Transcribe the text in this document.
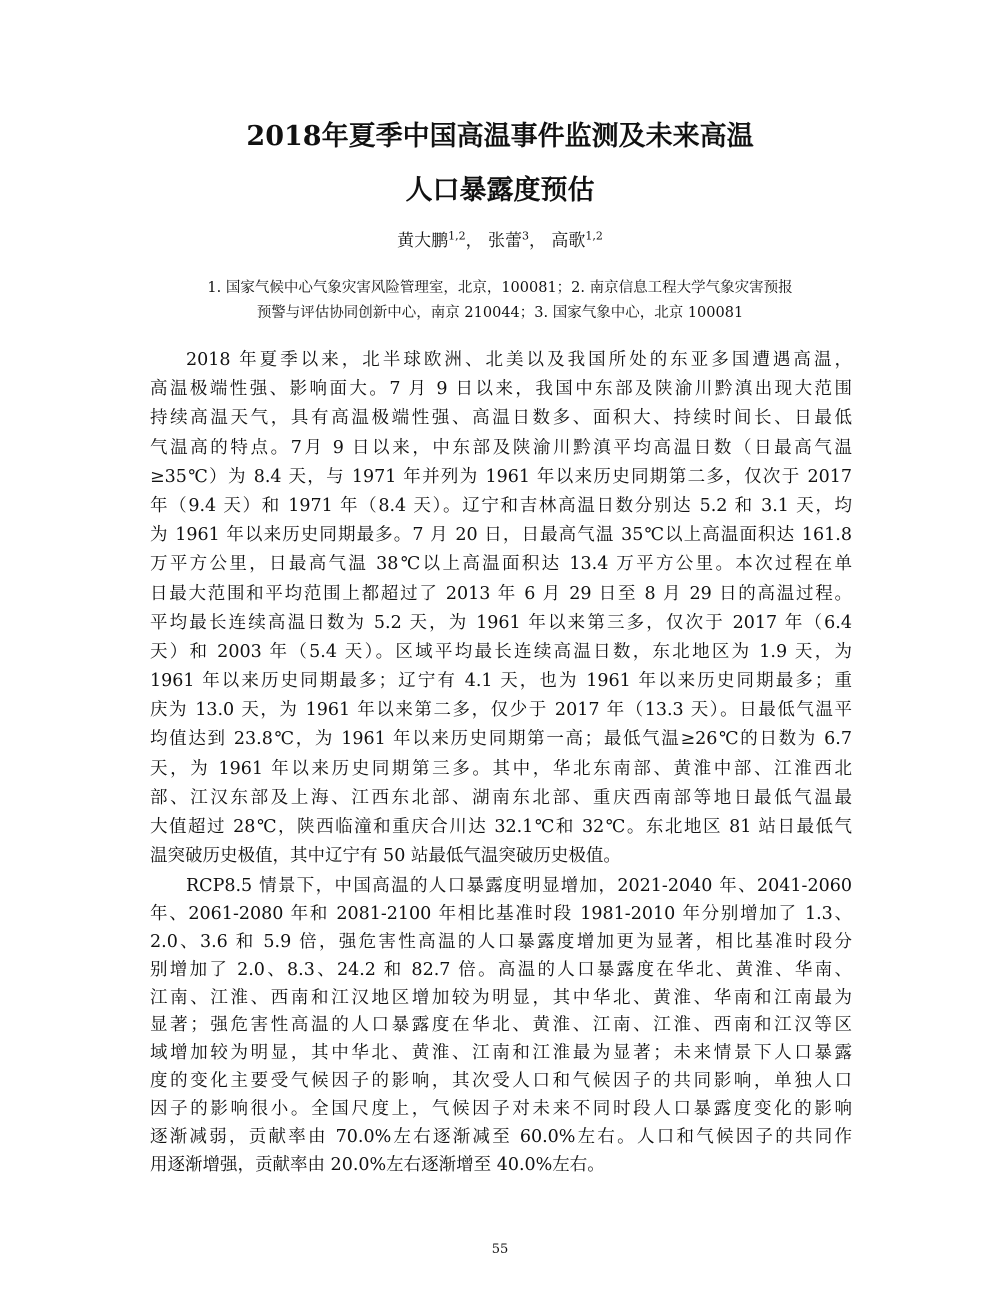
2018年夏季中国高温事件监测及未来高温
人口暴露度预估
黄大鹏$^{1,2}$， 张蕾$^3$， 高歌$^{1,2}$
1. 国家气候中心气象灾害风险管理室，北京，100081；2. 南京信息工程大学气象灾害预报
预警与评估协同创新中心，南京 210044；3. 国家气象中心，北京 100081
2018 年夏季以来，北半球欧洲、北美以及我国所处的东亚多国遭遇高温，
高温极端性强、影响面大。7 月 9 日以来，我国中东部及陕渝川黔滇出现大范围
持续高温天气，具有高温极端性强、高温日数多、面积大、持续时间长、日最低
气温高的特点。7月 9 日以来，中东部及陕渝川黔滇平均高温日数（日最高气温
≥35℃）为 8.4 天，与 1971 年并列为 1961 年以来历史同期第二多，仅次于 2017
年（9.4 天）和 1971 年（8.4 天）。辽宁和吉林高温日数分别达 5.2 和 3.1 天，均
为 1961 年以来历史同期最多。7 月 20 日，日最高气温 35℃以上高温面积达 161.8
万平方公里，日最高气温 38℃以上高温面积达 13.4 万平方公里。本次过程在单
日最大范围和平均范围上都超过了 2013 年 6 月 29 日至 8 月 29 日的高温过程。
平均最长连续高温日数为 5.2 天，为 1961 年以来第三多，仅次于 2017 年（6.4
天）和 2003 年（5.4 天）。区域平均最长连续高温日数，东北地区为 1.9 天，为
1961 年以来历史同期最多；辽宁有 4.1 天，也为 1961 年以来历史同期最多；重
庆为 13.0 天，为 1961 年以来第二多，仅少于 2017 年（13.3 天）。日最低气温平
均值达到 23.8℃，为 1961 年以来历史同期第一高；最低气温≥26℃的日数为 6.7
天，为 1961 年以来历史同期第三多。其中，华北东南部、黄淮中部、江淮西北
部、江汉东部及上海、江西东北部、湖南东北部、重庆西南部等地日最低气温最
大值超过 28℃，陕西临潼和重庆合川达 32.1℃和 32℃。东北地区 81 站日最低气
温突破历史极值，其中辽宁有 50 站最低气温突破历史极值。
RCP8.5 情景下，中国高温的人口暴露度明显增加，2021-2040 年、2041-2060
年、2061-2080 年和 2081-2100 年相比基准时段 1981-2010 年分别增加了 1.3、
2.0、3.6 和 5.9 倍，强危害性高温的人口暴露度增加更为显著，相比基准时段分
别增加了 2.0、8.3、24.2 和 82.7 倍。高温的人口暴露度在华北、黄淮、华南、
江南、江淮、西南和江汉地区增加较为明显，其中华北、黄淮、华南和江南最为
显著；强危害性高温的人口暴露度在华北、黄淮、江南、江淮、西南和江汉等区
域增加较为明显，其中华北、黄淮、江南和江淮最为显著；未来情景下人口暴露
度的变化主要受气候因子的影响，其次受人口和气候因子的共同影响，单独人口
因子的影响很小。全国尺度上，气候因子对未来不同时段人口暴露度变化的影响
逐渐减弱，贡献率由 70.0%左右逐渐减至 60.0%左右。人口和气候因子的共同作
用逐渐增强，贡献率由 20.0%左右逐渐增至 40.0%左右。
55
